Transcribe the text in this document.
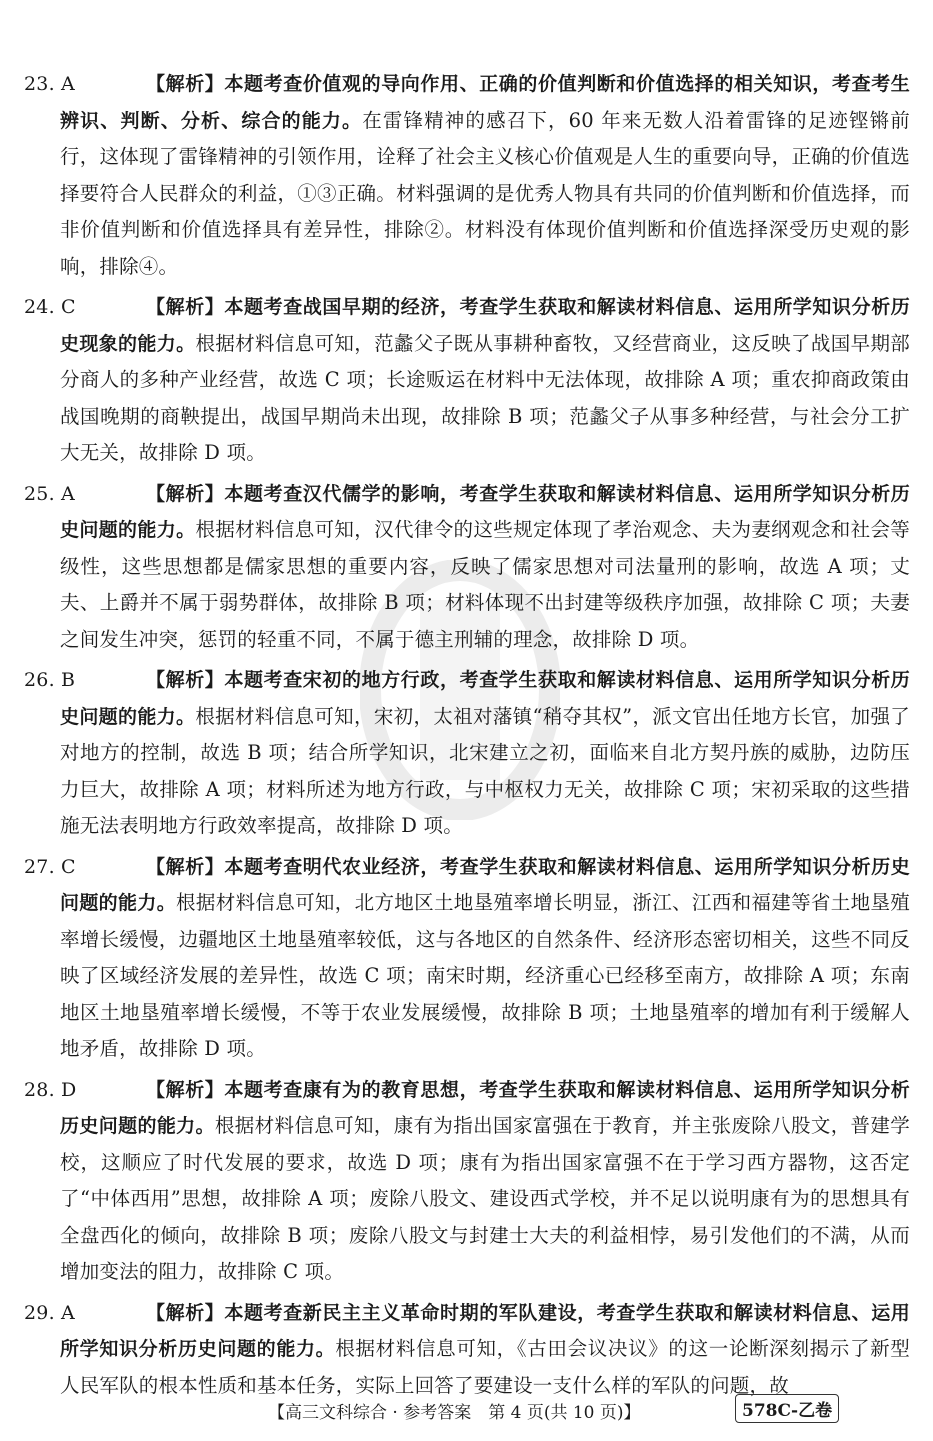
23. A	【解析】本题考查价值观的导向作用、正确的价值判断和价值选择的相关知识，考查考生辨识、判断、分析、综合的能力。在雷锋精神的感召下，60 年来无数人沿着雷锋的足迹铿锵前行，这体现了雷锋精神的引领作用，诠释了社会主义核心价值观是人生的重要向导，正确的价值选择要符合人民群众的利益，①③正确。材料强调的是优秀人物具有共同的价值判断和价值选择，而非价值判断和价值选择具有差异性，排除②。材料没有体现价值判断和价值选择深受历史观的影响，排除④。
24. C	【解析】本题考查战国早期的经济，考查学生获取和解读材料信息、运用所学知识分析历史现象的能力。根据材料信息可知，范蠡父子既从事耕种畜牧，又经营商业，这反映了战国早期部分商人的多种产业经营，故选 C 项；长途贩运在材料中无法体现，故排除 A 项；重农抑商政策由战国晚期的商鞅提出，战国早期尚未出现，故排除 B 项；范蠡父子从事多种经营，与社会分工扩大无关，故排除 D 项。
25. A	【解析】本题考查汉代儒学的影响，考查学生获取和解读材料信息、运用所学知识分析历史问题的能力。根据材料信息可知，汉代律令的这些规定体现了孝治观念、夫为妻纲观念和社会等级性，这些思想都是儒家思想的重要内容，反映了儒家思想对司法量刑的影响，故选 A 项；丈夫、上爵并不属于弱势群体，故排除 B 项；材料体现不出封建等级秩序加强，故排除 C 项；夫妻之间发生冲突，惩罚的轻重不同，不属于德主刑辅的理念，故排除 D 项。
26. B	【解析】本题考查宋初的地方行政，考查学生获取和解读材料信息、运用所学知识分析历史问题的能力。根据材料信息可知，宋初，太祖对藩镇“稍夺其权”，派文官出任地方长官，加强了对地方的控制，故选 B 项；结合所学知识，北宋建立之初，面临来自北方契丹族的威胁，边防压力巨大，故排除 A 项；材料所述为地方行政，与中枢权力无关，故排除 C 项；宋初采取的这些措施无法表明地方行政效率提高，故排除 D 项。
27. C	【解析】本题考查明代农业经济，考查学生获取和解读材料信息、运用所学知识分析历史问题的能力。根据材料信息可知，北方地区土地垦殖率增长明显，浙江、江西和福建等省土地垦殖率增长缓慢，边疆地区土地垦殖率较低，这与各地区的自然条件、经济形态密切相关，这些不同反映了区域经济发展的差异性，故选 C 项；南宋时期，经济重心已经移至南方，故排除 A 项；东南地区土地垦殖率增长缓慢，不等于农业发展缓慢，故排除 B 项；土地垦殖率的增加有利于缓解人地矛盾，故排除 D 项。
28. D	【解析】本题考查康有为的教育思想，考查学生获取和解读材料信息、运用所学知识分析历史问题的能力。根据材料信息可知，康有为指出国家富强在于教育，并主张废除八股文，普建学校，这顺应了时代发展的要求，故选 D 项；康有为指出国家富强不在于学习西方器物，这否定了“中体西用”思想，故排除 A 项；废除八股文、建设西式学校，并不足以说明康有为的思想具有全盘西化的倾向，故排除 B 项；废除八股文与封建士大夫的利益相悖，易引发他们的不满，从而增加变法的阻力，故排除 C 项。
29. A	【解析】本题考查新民主主义革命时期的军队建设，考查学生获取和解读材料信息、运用所学知识分析历史问题的能力。根据材料信息可知，《古田会议决议》的这一论断深刻揭示了新型人民军队的根本性质和基本任务，实际上回答了要建设一支什么样的军队的问题，故
【高三文科综合 · 参考答案　第 4 页(共 10 页)】	578C-乙卷
